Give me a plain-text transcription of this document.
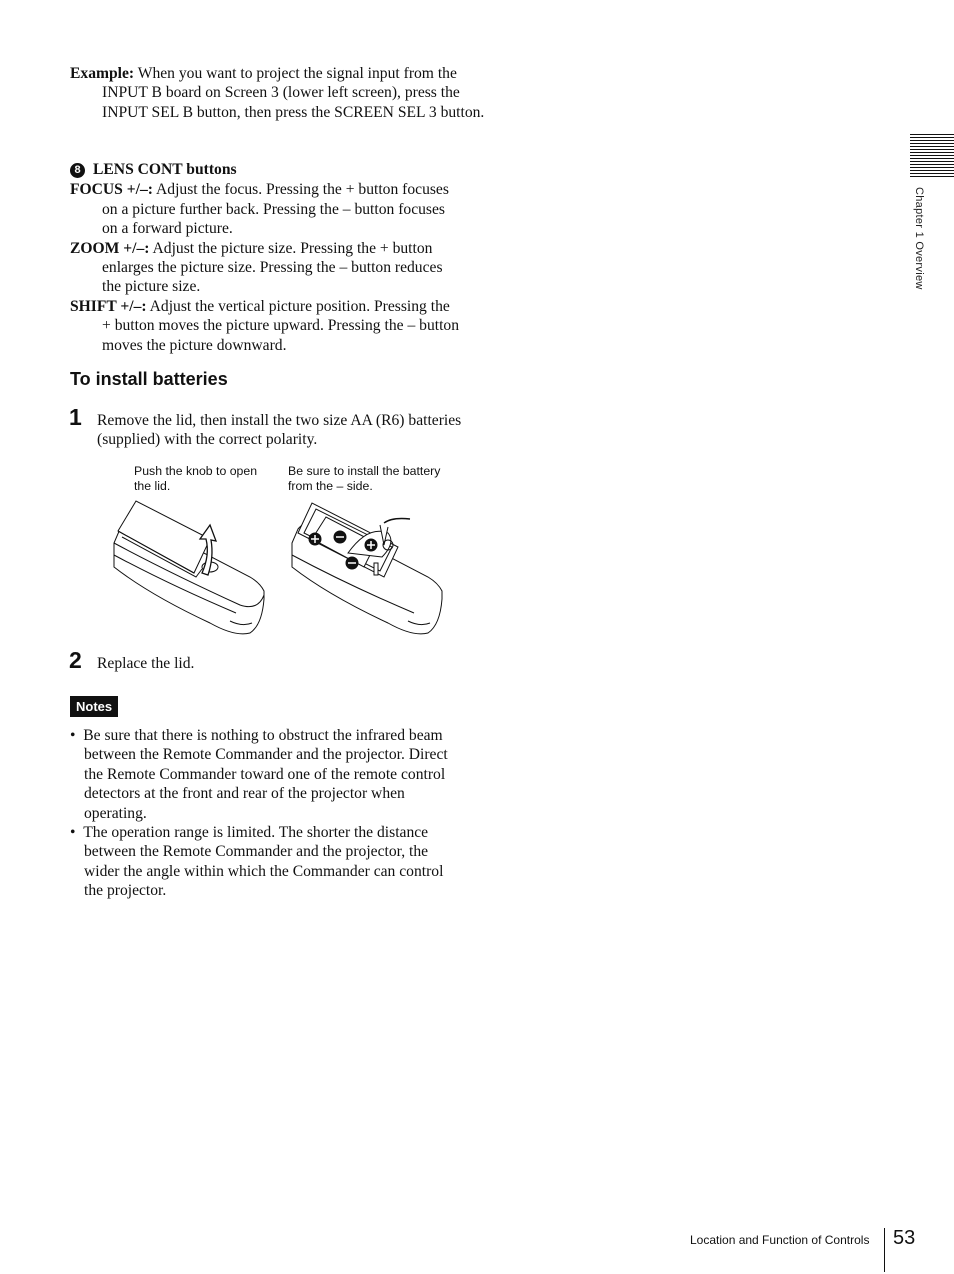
Example: When you want to project the signal input from the INPUT B board on Screen 3 (lower left screen), press the INPUT SEL B button, then press the SCREEN SEL 3 button.
8 LENS CONT buttons
FOCUS +/–: Adjust the focus. Pressing the + button focuses on a picture further back. Pressing the – button focuses on a forward picture.
ZOOM +/–: Adjust the picture size. Pressing the + button enlarges the picture size. Pressing the – button reduces the picture size.
SHIFT +/–: Adjust the vertical picture position. Pressing the + button moves the picture upward. Pressing the – button moves the picture downward.
To install batteries
1 Remove the lid, then install the two size AA (R6) batteries (supplied) with the correct polarity.
Push the knob to open the lid.
Be sure to install the battery from the – side.
2 Replace the lid.
Notes
•  Be sure that there is nothing to obstruct the infrared beam between the Remote Commander and the projector. Direct the Remote Commander toward one of the remote control detectors at the front and rear of the projector when operating.
•  The operation range is limited. The shorter the distance between the Remote Commander and the projector, the wider the angle within which the Commander can control the projector.
Chapter 1 Overview
Location and Function of Controls 53
